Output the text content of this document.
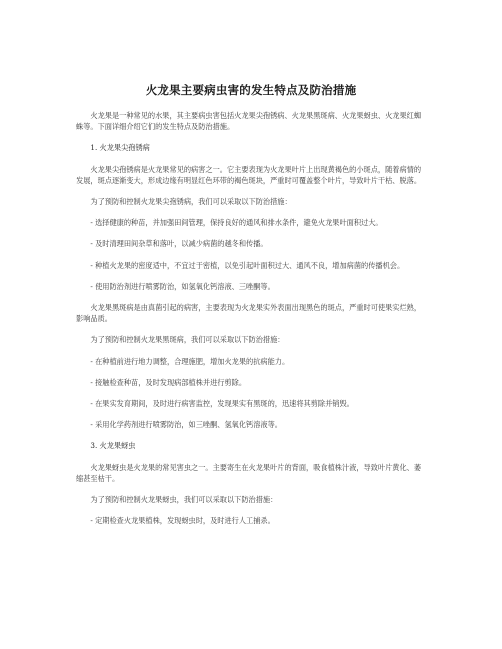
火龙果主要病虫害的发生特点及防治措施

火龙果是一种常见的水果，其主要病虫害包括火龙果尖孢锈病、火龙果黑斑病、火龙果蚜虫、火龙果红蜘蛛等。下面详细介绍它们的发生特点及防治措施。

1. 火龙果尖孢锈病

火龙果尖孢锈病是火龙果常见的病害之一。它主要表现为火龙果叶片上出现黄褐色的小斑点，随着病情的发展，斑点逐渐变大，形成边缘有明显红色环带的褐色斑块，严重时可覆盖整个叶片，导致叶片干枯、脱落。

为了预防和控制火龙果尖孢锈病，我们可以采取以下防治措施：

- 选择健康的种苗，并加强田间管理，保持良好的通风和排水条件，避免火龙果叶面积过大。

- 及时清理田间杂草和落叶，以减少病菌的越冬和传播。

- 种植火龙果的密度适中，不宜过于密植，以免引起叶面积过大、通风不良，增加病菌的传播机会。

- 使用防治剂进行喷雾防治，如氢氧化钙溶液、三唑酮等。

火龙果黑斑病是由真菌引起的病害，主要表现为火龙果实外表面出现黑色的斑点，严重时可使果实烂熟，影响品质。

为了预防和控制火龙果黑斑病，我们可以采取以下防治措施：

- 在种植前进行地力调整，合理施肥，增加火龙果的抗病能力。

- 接触检查种苗，及时发现病部植株并进行剪除。

- 在果实发育期间，及时进行病害监控，发现果实有黑斑的，迅速将其剪除并销毁。

- 采用化学药剂进行喷雾防治，如三唑酮、氢氧化钙溶液等。

3. 火龙果蚜虫

火龙果蚜虫是火龙果的常见害虫之一。主要寄生在火龙果叶片的背面，吸食植株汁液，导致叶片黄化、萎缩甚至枯干。

为了预防和控制火龙果蚜虫，我们可以采取以下防治措施：

- 定期检查火龙果植株，发现蚜虫时，及时进行人工捕杀。
